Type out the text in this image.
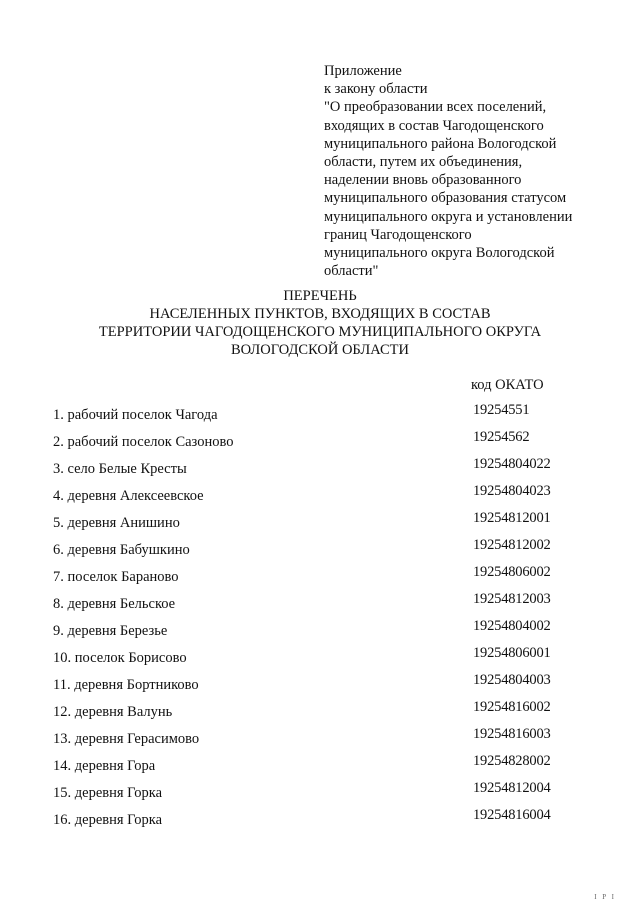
Приложение
к закону области
"О преобразовании всех поселений,
входящих в состав Чагодощенского
муниципального района Вологодской
области, путем их объединения,
наделении вновь образованного
муниципального образования статусом
муниципального округа и установлении
границ Чагодощенского
муниципального округа Вологодской
области"
ПЕРЕЧЕНЬ
НАСЕЛЕННЫХ ПУНКТОВ, ВХОДЯЩИХ В СОСТАВ
ТЕРРИТОРИИ ЧАГОДОЩЕНСКОГО МУНИЦИПАЛЬНОГО ОКРУГА
ВОЛОГОДСКОЙ ОБЛАСТИ
код ОКАТО
1. рабочий поселок Чагода	19254551
2. рабочий поселок Сазоново	19254562
3. село Белые Кресты	19254804022
4. деревня Алексеевское	19254804023
5. деревня Анишино	19254812001
6. деревня Бабушкино	19254812002
7. поселок Бараново	19254806002
8. деревня Бельское	19254812003
9. деревня Березье	19254804002
10. поселок Борисово	19254806001
11. деревня Бортниково	19254804003
12. деревня Валунь	19254816002
13. деревня Герасимово	19254816003
14. деревня Гора	19254828002
15. деревня Горка	19254812004
16. деревня Горка	19254816004
I P I
